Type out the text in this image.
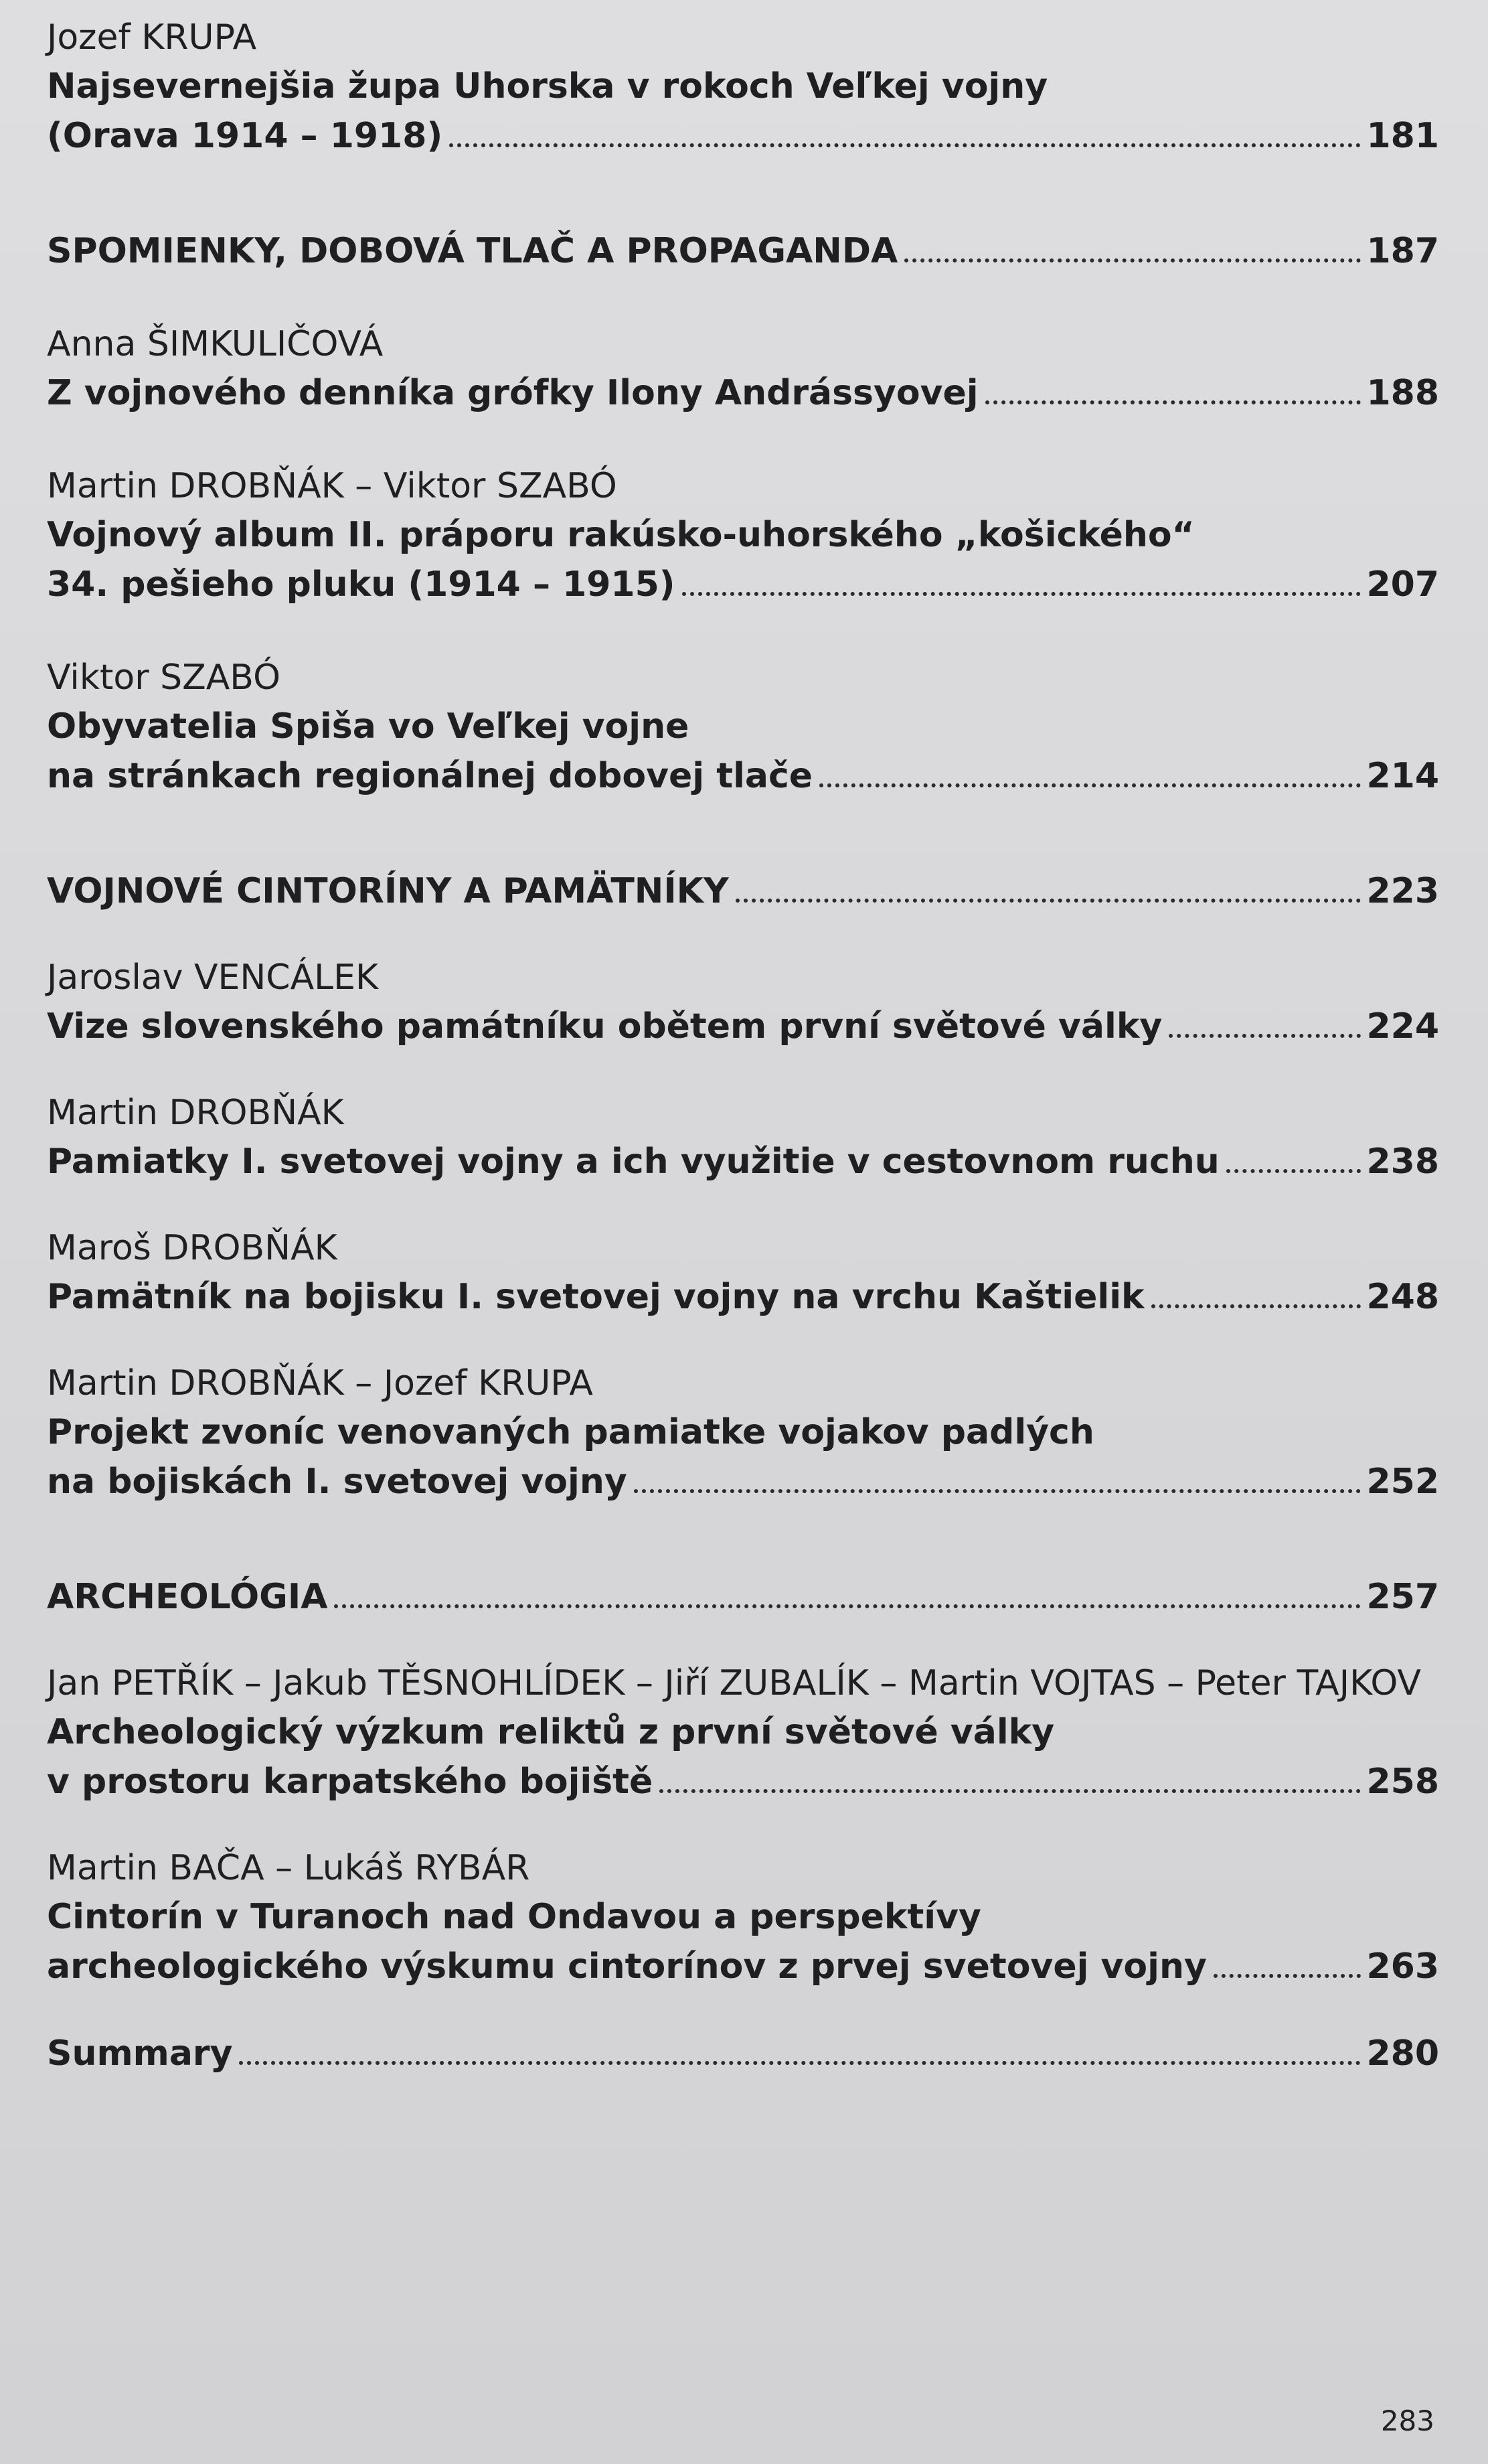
Jozef KRUPA
Najsevernejšia župa Uhorska v rokoch Veľkej vojny
(Orava 1914 – 1918)	181
SPOMIENKY, DOBOVÁ TLAČ A PROPAGANDA	187
Anna ŠIMKULIČOVÁ
Z vojnového denníka grófky Ilony Andrássyovej	188
Martin DROBŇÁK – Viktor SZABÓ
Vojnový album II. práporu rakúsko-uhorského „košického“
34. pešieho pluku (1914 – 1915)	207
Viktor SZABÓ
Obyvatelia Spiša vo Veľkej vojne
na stránkach regionálnej dobovej tlače	214
VOJNOVÉ CINTORÍNY A PAMÄTNÍKY	223
Jaroslav VENCÁLEK
Vize slovenského památníku obětem první světové války	224
Martin DROBŇÁK
Pamiatky I. svetovej vojny a ich využitie v cestovnom ruchu	238
Maroš DROBŇÁK
Pamätník na bojisku I. svetovej vojny na vrchu Kaštielik	248
Martin DROBŇÁK – Jozef KRUPA
Projekt zvoníc venovaných pamiatke vojakov padlých
na bojiskách I. svetovej vojny	252
ARCHEOLÓGIA	257
Jan PETŘÍK – Jakub TĚSNOHLÍDEK – Jiří ZUBALÍK – Martin VOJTAS – Peter TAJKOV
Archeologický výzkum reliktů z první světové války
v prostoru karpatského bojiště	258
Martin BAČA – Lukáš RYBÁR
Cintorín v Turanoch nad Ondavou a perspektívy
archeologického výskumu cintorínov z prvej svetovej vojny	263
Summary	280
283
